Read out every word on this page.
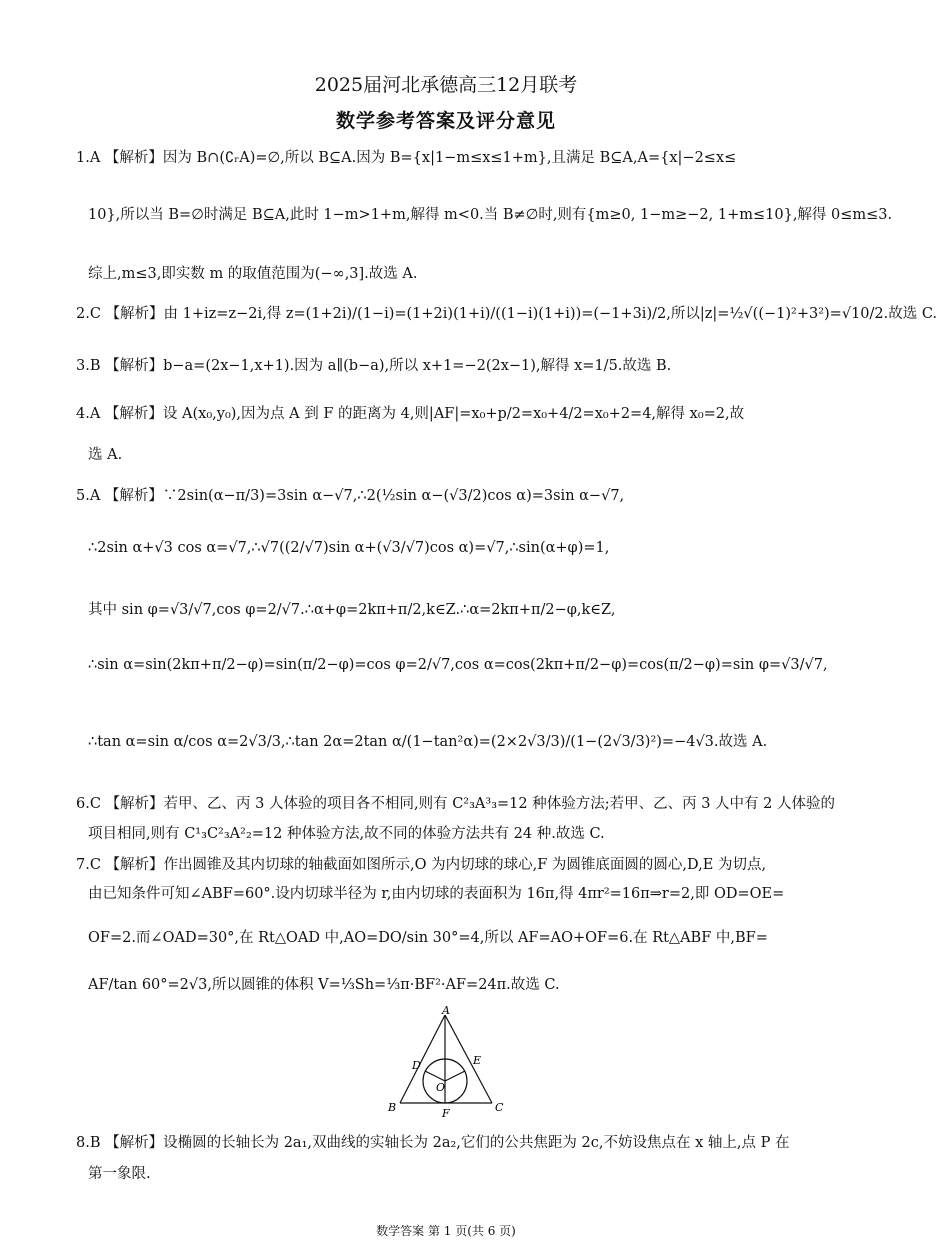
2025届河北承德高三12月联考
数学参考答案及评分意见
1.A 【解析】因为 B∩(∁ᵣA)=∅,所以 B⊆A.因为 B={x|1−m≤x≤1+m},且满足 B⊆A,A={x|−2≤x≤
10},所以当 B=∅时满足 B⊆A,此时 1−m>1+m,解得 m<0.当 B≠∅时,则有{m≥0, 1−m≥−2, 1+m≤10},解得 0≤m≤3.
综上,m≤3,即实数 m 的取值范围为(−∞,3].故选 A.
2.C 【解析】由 1+iz=z−2i,得 z=(1+2i)/(1−i)=(1+2i)(1+i)/((1−i)(1+i))=(−1+3i)/2,所以|z|=½√((−1)²+3²)=√10/2.故选 C.
3.B 【解析】b−a=(2x−1,x+1).因为 a∥(b−a),所以 x+1=−2(2x−1),解得 x=1/5.故选 B.
4.A 【解析】设 A(x₀,y₀),因为点 A 到 F 的距离为 4,则|AF|=x₀+p/2=x₀+4/2=x₀+2=4,解得 x₀=2,故
选 A.
5.A 【解析】∵2sin(α−π/3)=3sin α−√7,∴2(½sin α−(√3/2)cos α)=3sin α−√7,
∴2sin α+√3 cos α=√7,∴√7((2/√7)sin α+(√3/√7)cos α)=√7,∴sin(α+φ)=1,
其中 sin φ=√3/√7,cos φ=2/√7.∴α+φ=2kπ+π/2,k∈Z.∴α=2kπ+π/2−φ,k∈Z,
∴sin α=sin(2kπ+π/2−φ)=sin(π/2−φ)=cos φ=2/√7,cos α=cos(2kπ+π/2−φ)=cos(π/2−φ)=sin φ=√3/√7,
∴tan α=sin α/cos α=2√3/3,∴tan 2α=2tan α/(1−tan²α)=(2×2√3/3)/(1−(2√3/3)²)=−4√3.故选 A.
6.C 【解析】若甲、乙、丙 3 人体验的项目各不相同,则有 C²₃A³₃=12 种体验方法;若甲、乙、丙 3 人中有 2 人体验的
项目相同,则有 C¹₃C²₃A²₂=12 种体验方法,故不同的体验方法共有 24 种.故选 C.
7.C 【解析】作出圆锥及其内切球的轴截面如图所示,O 为内切球的球心,F 为圆锥底面圆的圆心,D,E 为切点,
由已知条件可知∠ABF=60°.设内切球半径为 r,由内切球的表面积为 16π,得 4πr²=16π⇒r=2,即 OD=OE=
OF=2.而∠OAD=30°,在 Rt△OAD 中,AO=DO/sin 30°=4,所以 AF=AO+OF=6.在 Rt△ABF 中,BF=
AF/tan 60°=2√3,所以圆锥的体积 V=⅓Sh=⅓π·BF²·AF=24π.故选 C.
A
B	C
D	E
F
O
8.B 【解析】设椭圆的长轴长为 2a₁,双曲线的实轴长为 2a₂,它们的公共焦距为 2c,不妨设焦点在 x 轴上,点 P 在
第一象限.
数学答案 第 1 页(共 6 页)
